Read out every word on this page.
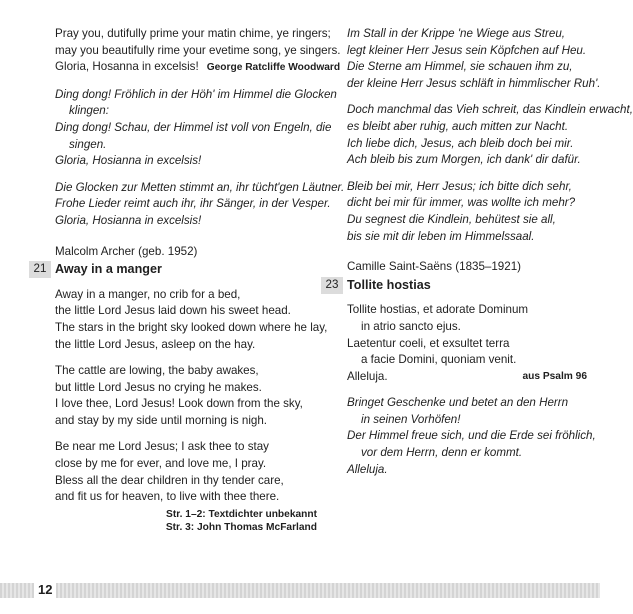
Pray you, dutifully prime your matin chime, ye ringers;
may you beautifully rime your evetime song, ye singers.
Gloria, Hosanna in excelsis! George Ratcliffe Woodward
Ding dong! Fröhlich in der Höh' im Himmel die Glocken
klingen:
Ding dong! Schau, der Himmel ist voll von Engeln, die
singen.
Gloria, Hosianna in excelsis!
Die Glocken zur Metten stimmt an, ihr tücht'gen Läutner.
Frohe Lieder reimt auch ihr, ihr Sänger, in der Vesper.
Gloria, Hosianna in excelsis!
Malcolm Archer (geb. 1952)
21 Away in a manger
Away in a manger, no crib for a bed,
the little Lord Jesus laid down his sweet head.
The stars in the bright sky looked down where he lay,
the little Lord Jesus, asleep on the hay.
The cattle are lowing, the baby awakes,
but little Lord Jesus no crying he makes.
I love thee, Lord Jesus! Look down from the sky,
and stay by my side until morning is nigh.
Be near me Lord Jesus; I ask thee to stay
close by me for ever, and love me, I pray.
Bless all the dear children in thy tender care,
and fit us for heaven, to live with thee there.
Str. 1–2: Textdichter unbekannt
Str. 3: John Thomas McFarland
Im Stall in der Krippe 'ne Wiege aus Streu,
legt kleiner Herr Jesus sein Köpfchen auf Heu.
Die Sterne am Himmel, sie schauen ihm zu,
der kleine Herr Jesus schläft in himmlischer Ruh'.
Doch manchmal das Vieh schreit, das Kindlein erwacht,
es bleibt aber ruhig, auch mitten zur Nacht.
Ich liebe dich, Jesus, ach bleib doch bei mir.
Ach bleib bis zum Morgen, ich dank' dir dafür.
Bleib bei mir, Herr Jesus; ich bitte dich sehr,
dicht bei mir für immer, was wollte ich mehr?
Du segnest die Kindlein, behütest sie all,
bis sie mit dir leben im Himmelssaal.
Camille Saint-Saëns (1835–1921)
23 Tollite hostias
Tollite hostias, et adorate Dominum
in atrio sancto ejus.
Laetentur coeli, et exsultet terra
a facie Domini, quoniam venit.
Alleluja.	aus Psalm 96
Bringet Geschenke und betet an den Herrn
in seinen Vorhöfen!
Der Himmel freue sich, und die Erde sei fröhlich,
vor dem Herrn, denn er kommt.
Alleluja.
12
